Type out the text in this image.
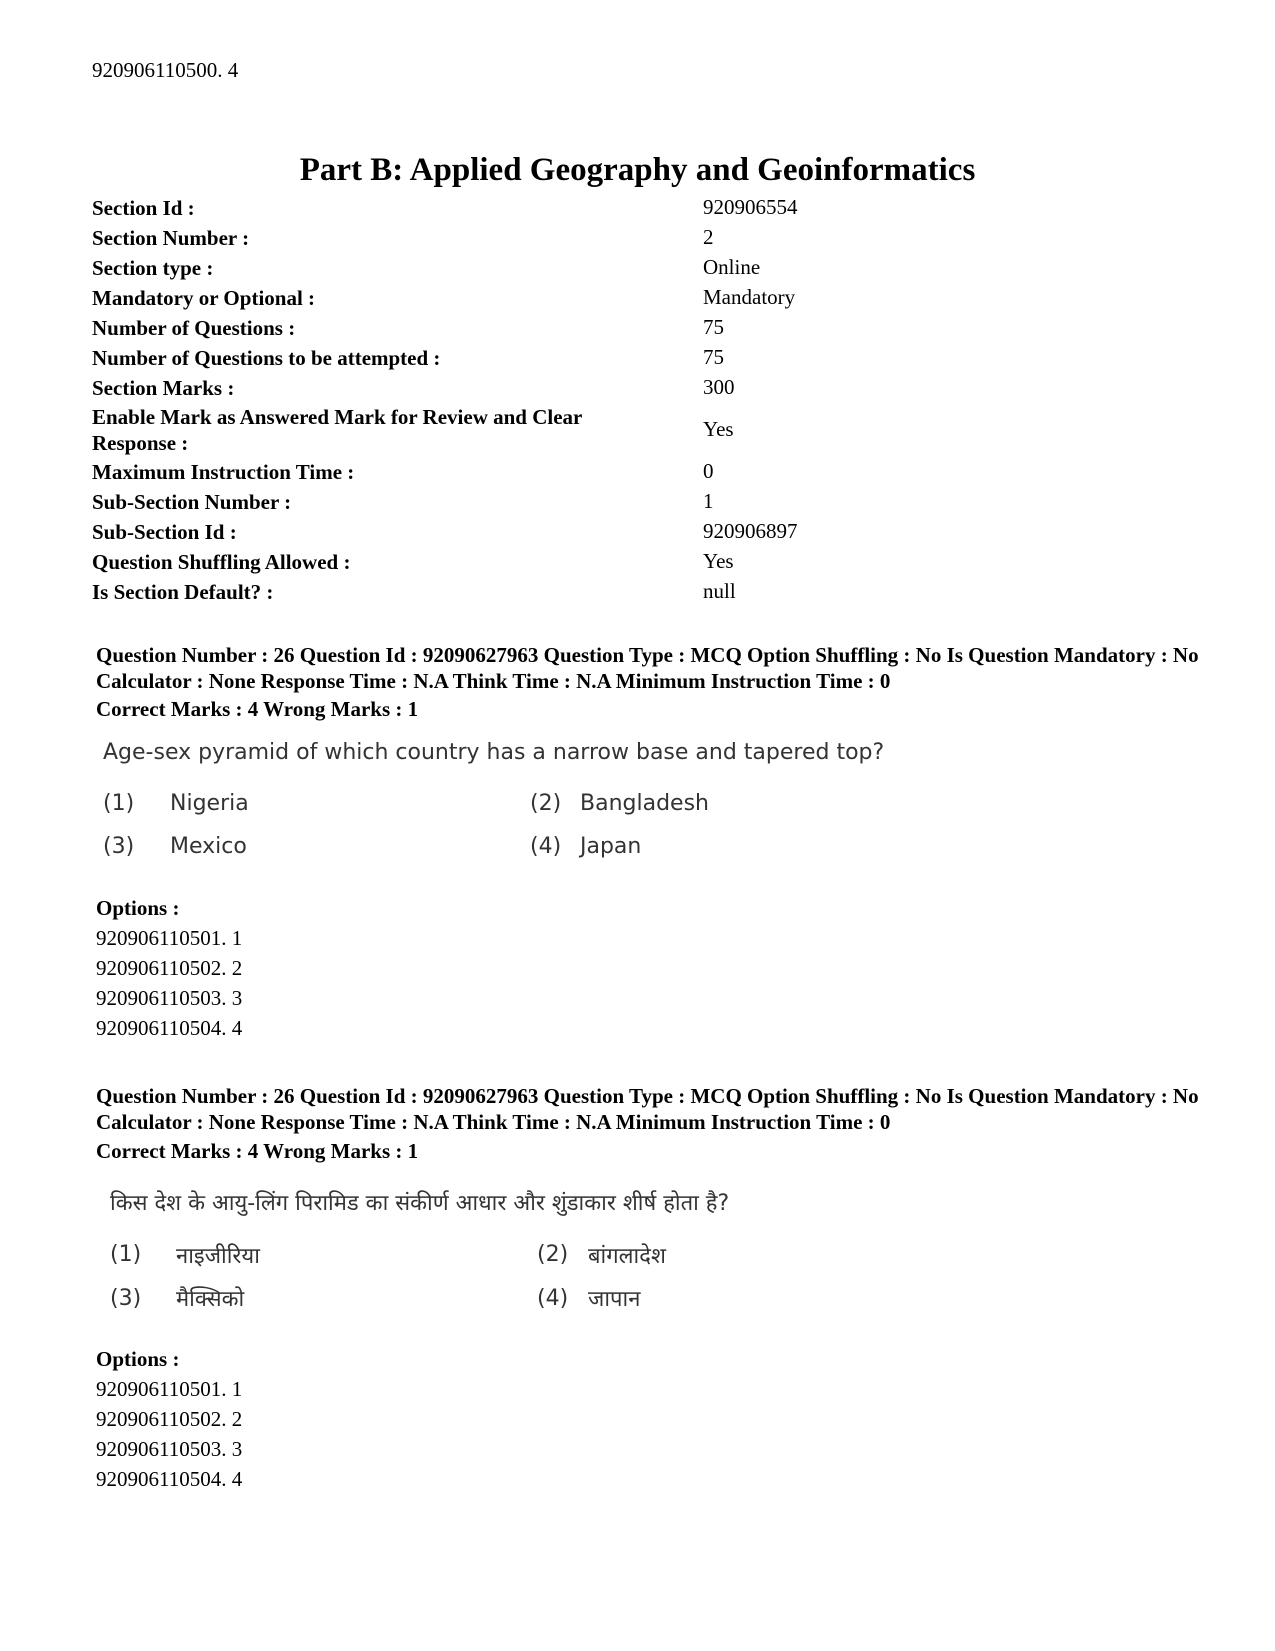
920906110500. 4
Part B: Applied Geography and Geoinformatics
Section Id :	920906554
Section Number :	2
Section type :	Online
Mandatory or Optional :	Mandatory
Number of Questions :	75
Number of Questions to be attempted :	75
Section Marks :	300
Enable Mark as Answered Mark for Review and Clear Response :
Yes
Maximum Instruction Time :	0
Sub-Section Number :	1
Sub-Section Id :	920906897
Question Shuffling Allowed :	Yes
Is Section Default? :	null
Question Number : 26 Question Id : 92090627963 Question Type : MCQ Option Shuffling : No Is Question Mandatory : No Calculator : None Response Time : N.A Think Time : N.A Minimum Instruction Time : 0
Correct Marks : 4 Wrong Marks : 1
Age-sex pyramid of which country has a narrow base and tapered top?
(1) Nigeria	(2) Bangladesh
(3) Mexico	(4) Japan
Options :
920906110501. 1
920906110502. 2
920906110503. 3
920906110504. 4
Question Number : 26 Question Id : 92090627963 Question Type : MCQ Option Shuffling : No Is Question Mandatory : No Calculator : None Response Time : N.A Think Time : N.A Minimum Instruction Time : 0
Correct Marks : 4 Wrong Marks : 1
किस देश के आयु-लिंग पिरामिड का संकीर्ण आधार और शुंडाकार शीर्ष होता है?
(1) नाइजीरिया	(2) बांगलादेश
(3) मैक्सिको	(4) जापान
Options :
920906110501. 1
920906110502. 2
920906110503. 3
920906110504. 4
